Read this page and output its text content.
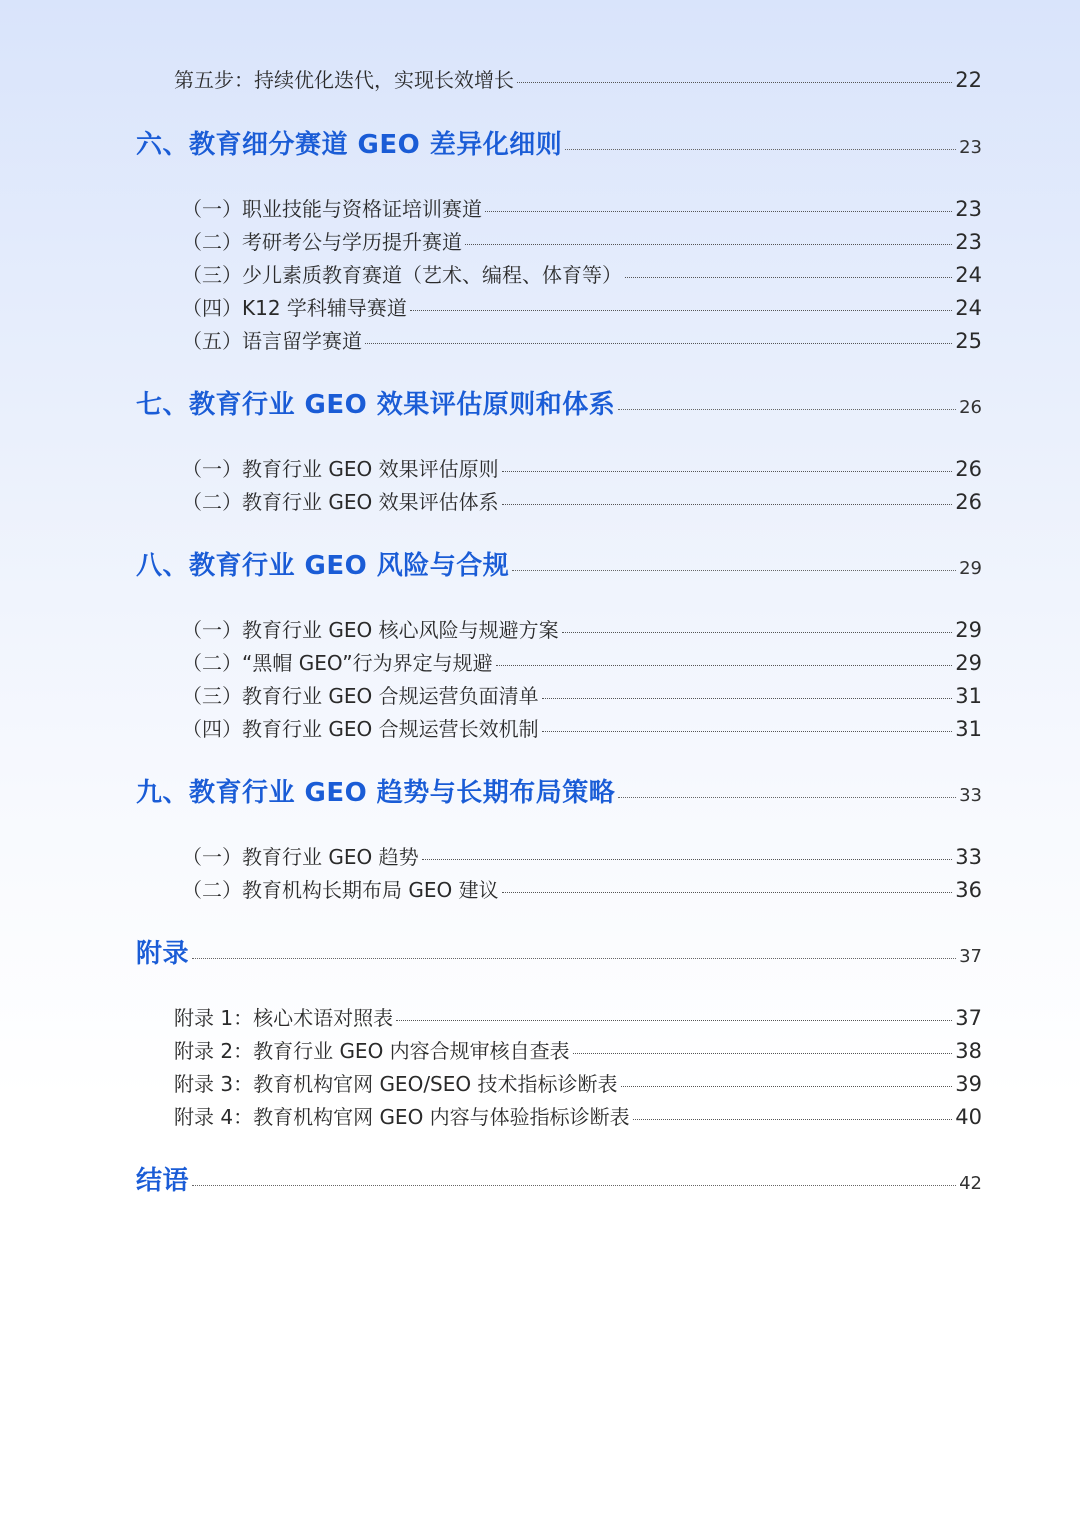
第五步：持续优化迭代，实现长效增长	22
六、教育细分赛道 GEO 差异化细则	23
（一）职业技能与资格证培训赛道	23
（二）考研考公与学历提升赛道	23
（三）少儿素质教育赛道（艺术、编程、体育等）	24
（四）K12 学科辅导赛道	24
（五）语言留学赛道	25
七、教育行业 GEO 效果评估原则和体系	26
（一）教育行业 GEO 效果评估原则	26
（二）教育行业 GEO 效果评估体系	26
八、教育行业 GEO 风险与合规	29
（一）教育行业 GEO 核心风险与规避方案	29
（二）“黑帽 GEO”行为界定与规避	29
（三）教育行业 GEO 合规运营负面清单	31
（四）教育行业 GEO 合规运营长效机制	31
九、教育行业 GEO 趋势与长期布局策略	33
（一）教育行业 GEO 趋势	33
（二）教育机构长期布局 GEO 建议	36
附录	37
附录 1：核心术语对照表	37
附录 2：教育行业 GEO 内容合规审核自查表	38
附录 3：教育机构官网 GEO/SEO 技术指标诊断表	39
附录 4：教育机构官网 GEO 内容与体验指标诊断表	40
结语	42
